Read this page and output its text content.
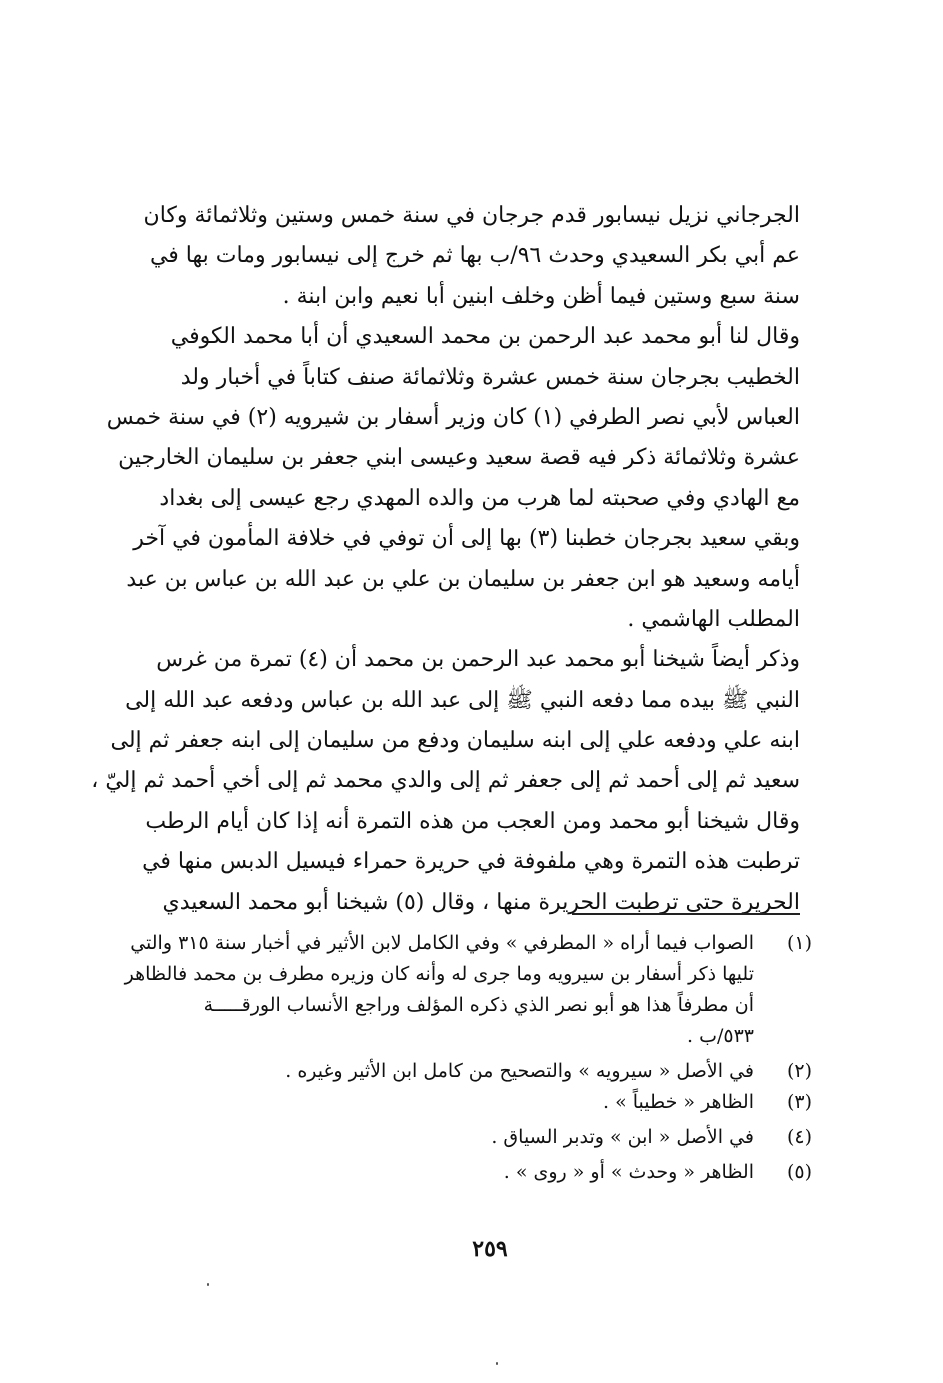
الجرجاني نزيل نيسابور قدم جرجان في سنة خمس وستين وثلاثمائة وكان
عم أبي بكر السعيدي وحدث ٩٦/ب بها ثم خرج إلى نيسابور ومات بها في
سنة سبع وستين فيما أظن وخلف ابنين أبا نعيم وابن ابنة .
وقال لنا أبو محمد عبد الرحمن بن محمد السعيدي أن أبا محمد الكوفي
الخطيب بجرجان سنة خمس عشرة وثلاثمائة صنف كتاباً في أخبار ولد
العباس لأبي نصر الطرفي (١) كان وزير أسفار بن شيرويه (٢) في سنة خمس
عشرة وثلاثمائة ذكر فيه قصة سعيد وعيسى ابني جعفر بن سليمان الخارجين
مع الهادي وفي صحبته لما هرب من والده المهدي رجع عيسى إلى بغداد
وبقي سعيد بجرجان خطبنا (٣) بها إلى أن توفي في خلافة المأمون في آخر
أيامه وسعيد هو ابن جعفر بن سليمان بن علي بن عبد الله بن عباس بن عبد
المطلب الهاشمي .
وذكر أيضاً شيخنا أبو محمد عبد الرحمن بن محمد أن (٤) تمرة من غرس
النبي ﷺ بيده مما دفعه النبي ﷺ إلى عبد الله بن عباس ودفعه عبد الله إلى
ابنه علي ودفعه علي إلى ابنه سليمان ودفع من سليمان إلى ابنه جعفر ثم إلى
سعيد ثم إلى أحمد ثم إلى جعفر ثم إلى والدي محمد ثم إلى أخي أحمد ثم إليّ ،
وقال شيخنا أبو محمد ومن العجب من هذه التمرة أنه إذا كان أيام الرطب
ترطبت هذه التمرة وهي ملفوفة في حريرة حمراء فيسيل الدبس منها في
الحريرة حتى ترطبت الحريرة منها ، وقال (٥) شيخنا أبو محمد السعيدي
(١)
الصواب فيما أراه « المطرفي » وفي الكامل لابن الأثير في أخبار سنة ٣١٥ والتي
تليها ذكر أسفار بن سيرويه وما جرى له وأنه كان وزيره مطرف بن محمد فالظاهر
أن مطرفاً هذا هو أبو نصر الذي ذكره المؤلف وراجع الأنساب الورقـــــة
٥٣٣/ب .
(٢)
في الأصل « سيرويه » والتصحيح من كامل ابن الأثير وغيره .
(٣)
الظاهر « خطيباً » .
(٤)
في الأصل « ابن » وتدبر السياق .
(٥)
الظاهر « وحدث » أو « روى » .
٢٥٩
